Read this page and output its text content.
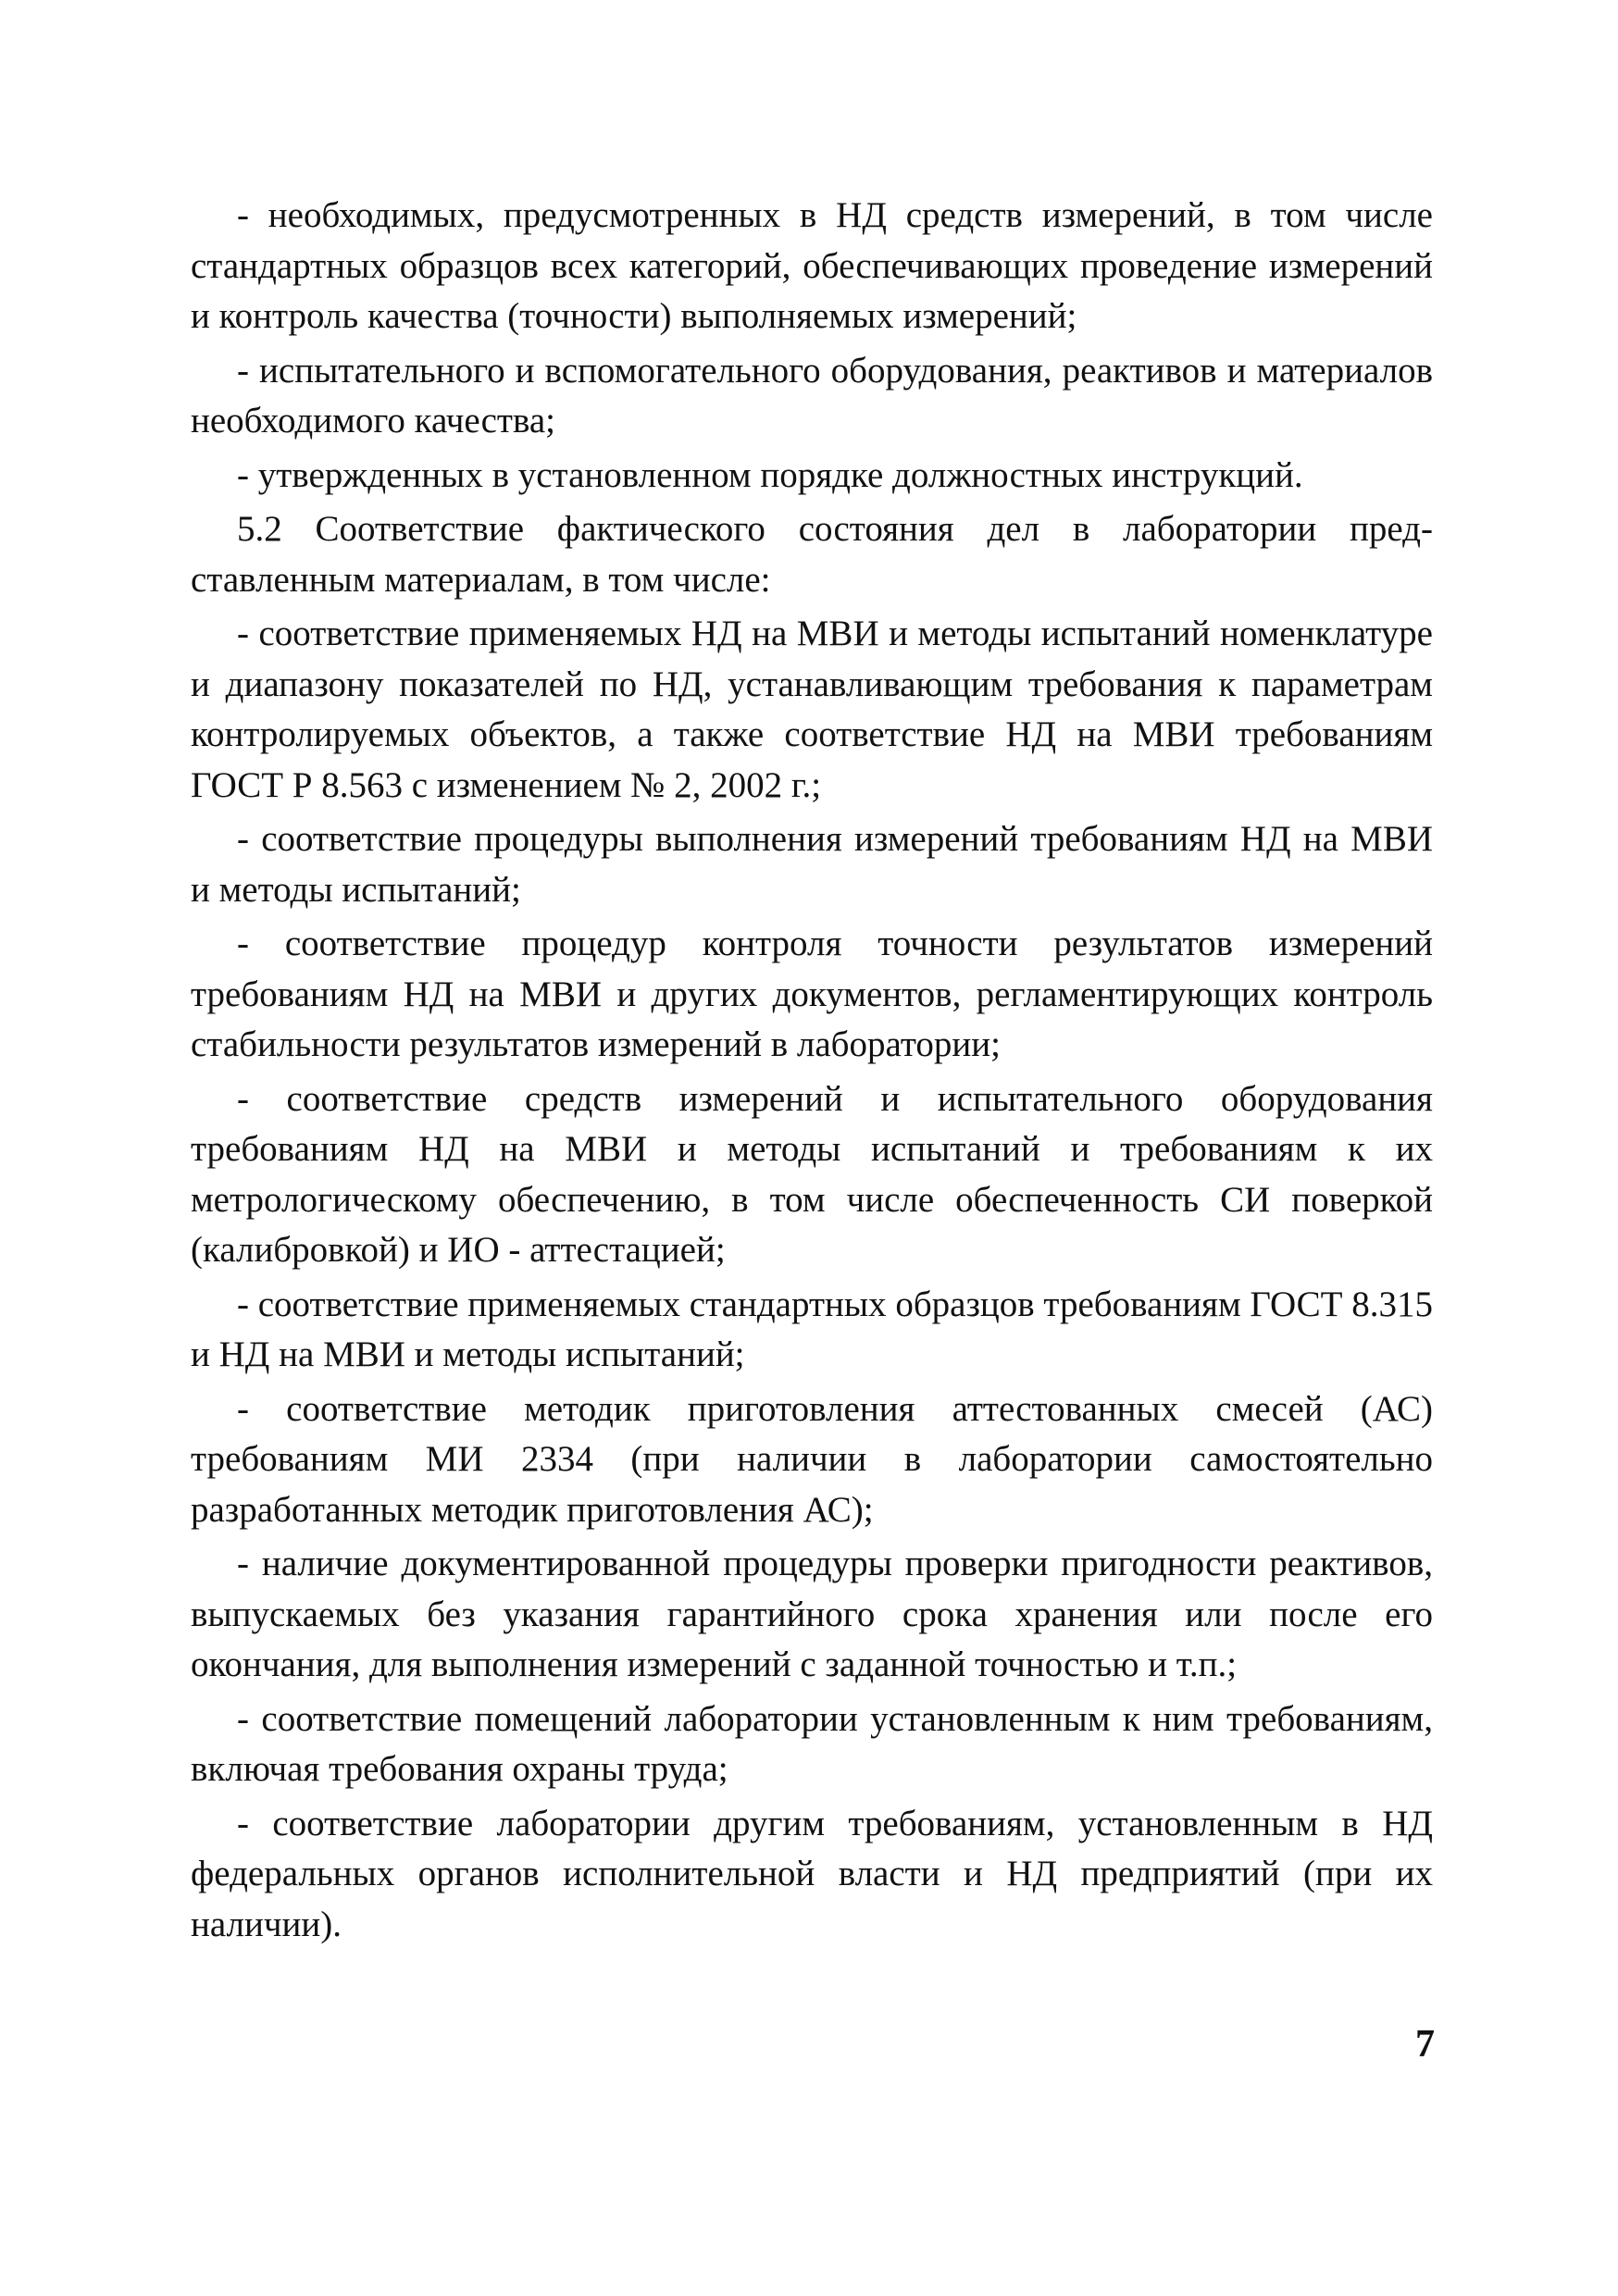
- необходимых, предусмотренных в НД средств измерений, в том числе стандартных образцов всех категорий, обеспечивающих проведение измерений и контроль качества (точности) выполняемых измерений;

- испытательного и вспомогательного оборудования, реактивов и материалов необходимого качества;

- утвержденных в установленном порядке должностных инструкций.

5.2 Соответствие фактического состояния дел в лаборатории представленным материалам, в том числе:

- соответствие применяемых НД на МВИ и методы испытаний номенклатуре и диапазону показателей по НД, устанавливающим требования к параметрам контролируемых объектов, а также соответствие НД на МВИ требованиям ГОСТ Р 8.563 с изменением № 2, 2002 г.;

- соответствие процедуры выполнения измерений требованиям НД на МВИ и методы испытаний;

- соответствие процедур контроля точности результатов измерений требованиям НД на МВИ и других документов, регламентирующих контроль стабильности результатов измерений в лаборатории;

- соответствие средств измерений и испытательного оборудования требованиям НД на МВИ и методы испытаний и требованиям к их метрологическому обеспечению, в том числе обеспеченность СИ поверкой (калибровкой) и ИО - аттестацией;

- соответствие применяемых стандартных образцов требованиям ГОСТ 8.315 и НД на МВИ и методы испытаний;

- соответствие методик приготовления аттестованных смесей (АС) требованиям МИ 2334 (при наличии в лаборатории самостоятельно разработанных методик приготовления АС);

- наличие документированной процедуры проверки пригодности реактивов, выпускаемых без указания гарантийного срока хранения или после его окончания, для выполнения измерений с заданной точностью и т.п.;

- соответствие помещений лаборатории установленным к ним требованиям, включая требования охраны труда;

- соответствие лаборатории другим требованиям, установленным в НД федеральных органов исполнительной власти и НД предприятий (при их наличии).

7
